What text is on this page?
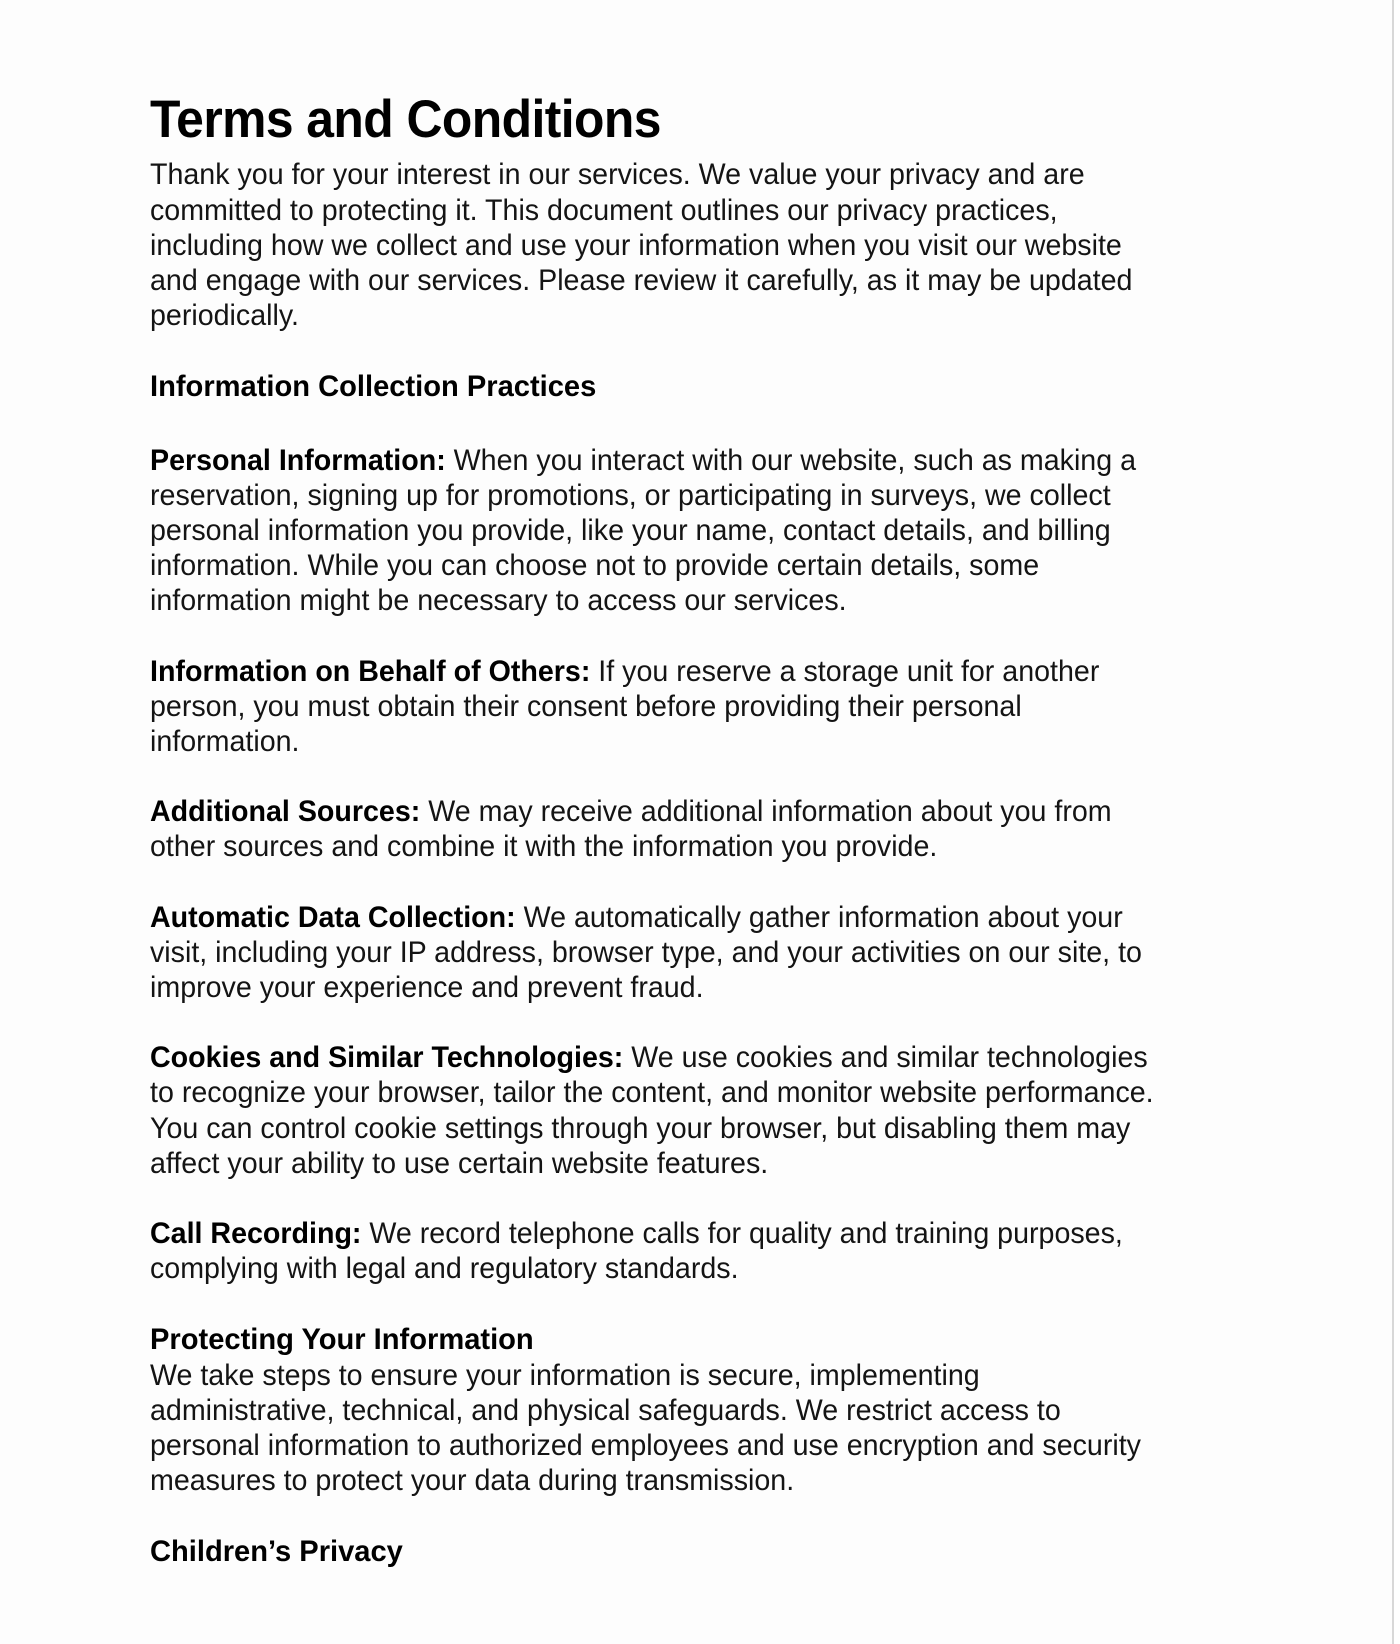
Terms and Conditions

Thank you for your interest in our services. We value your privacy and are committed to protecting it. This document outlines our privacy practices, including how we collect and use your information when you visit our website and engage with our services. Please review it carefully, as it may be updated periodically.

Information Collection Practices

Personal Information: When you interact with our website, such as making a reservation, signing up for promotions, or participating in surveys, we collect personal information you provide, like your name, contact details, and billing information. While you can choose not to provide certain details, some information might be necessary to access our services.

Information on Behalf of Others: If you reserve a storage unit for another person, you must obtain their consent before providing their personal information.

Additional Sources: We may receive additional information about you from other sources and combine it with the information you provide.

Automatic Data Collection: We automatically gather information about your visit, including your IP address, browser type, and your activities on our site, to improve your experience and prevent fraud.

Cookies and Similar Technologies: We use cookies and similar technologies to recognize your browser, tailor the content, and monitor website performance. You can control cookie settings through your browser, but disabling them may affect your ability to use certain website features.

Call Recording: We record telephone calls for quality and training purposes, complying with legal and regulatory standards.

Protecting Your Information

We take steps to ensure your information is secure, implementing administrative, technical, and physical safeguards. We restrict access to personal information to authorized employees and use encryption and security measures to protect your data during transmission.

Children’s Privacy
